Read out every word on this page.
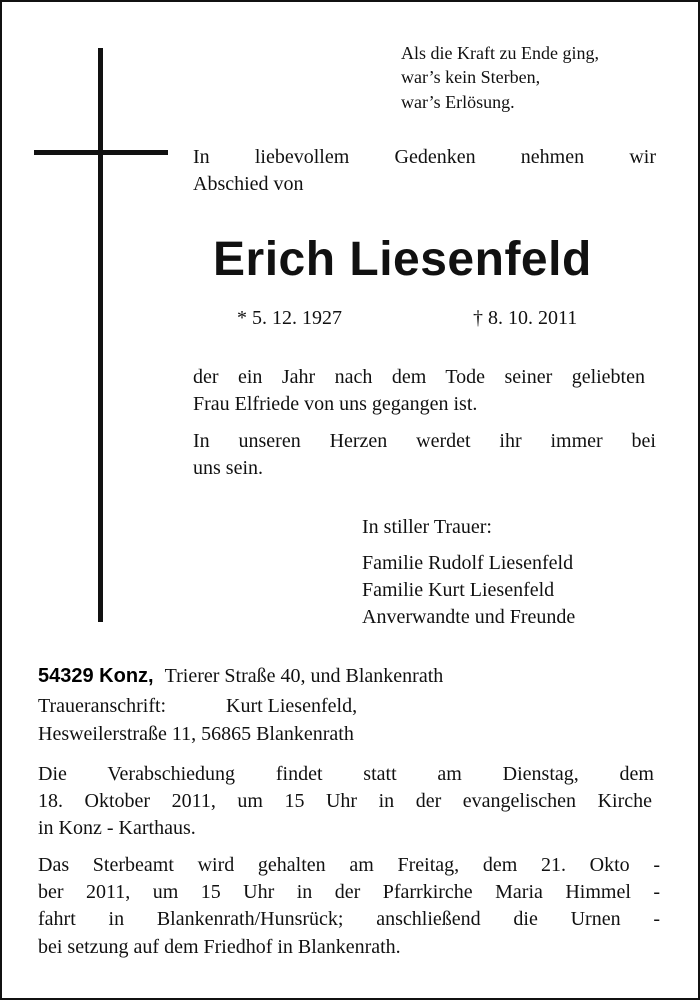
Als die Kraft zu Ende ging,
war’s kein Sterben,
war’s Erlösung.
In liebevollem Gedenken nehmen wir
Abschied von
Erich Liesenfeld
* 5. 12. 1927	† 8. 10. 2011
der ein Jahr nach dem Tode seiner geliebten
Frau Elfriede von uns gegangen ist.
In unseren Herzen werdet ihr immer bei
uns sein.
In stiller Trauer:
Familie Rudolf Liesenfeld
Familie Kurt Liesenfeld
Anverwandte und Freunde
54329 Konz, Trierer Straße 40, und Blankenrath
Traueranschrift:	Kurt Liesenfeld,
Hesweilerstraße 11, 56865 Blankenrath
Die Verabschiedung findet statt am Dienstag, dem
18. Oktober 2011, um 15 Uhr in der evangelischen Kirche
in Konz - Karthaus.
Das Sterbeamt wird gehalten am Freitag, dem 21. Okto -
ber 2011, um 15 Uhr in der Pfarrkirche Maria Himmel -
fahrt in Blankenrath/Hunsrück; anschließend die Urnen -
bei setzung auf dem Friedhof in Blankenrath.
